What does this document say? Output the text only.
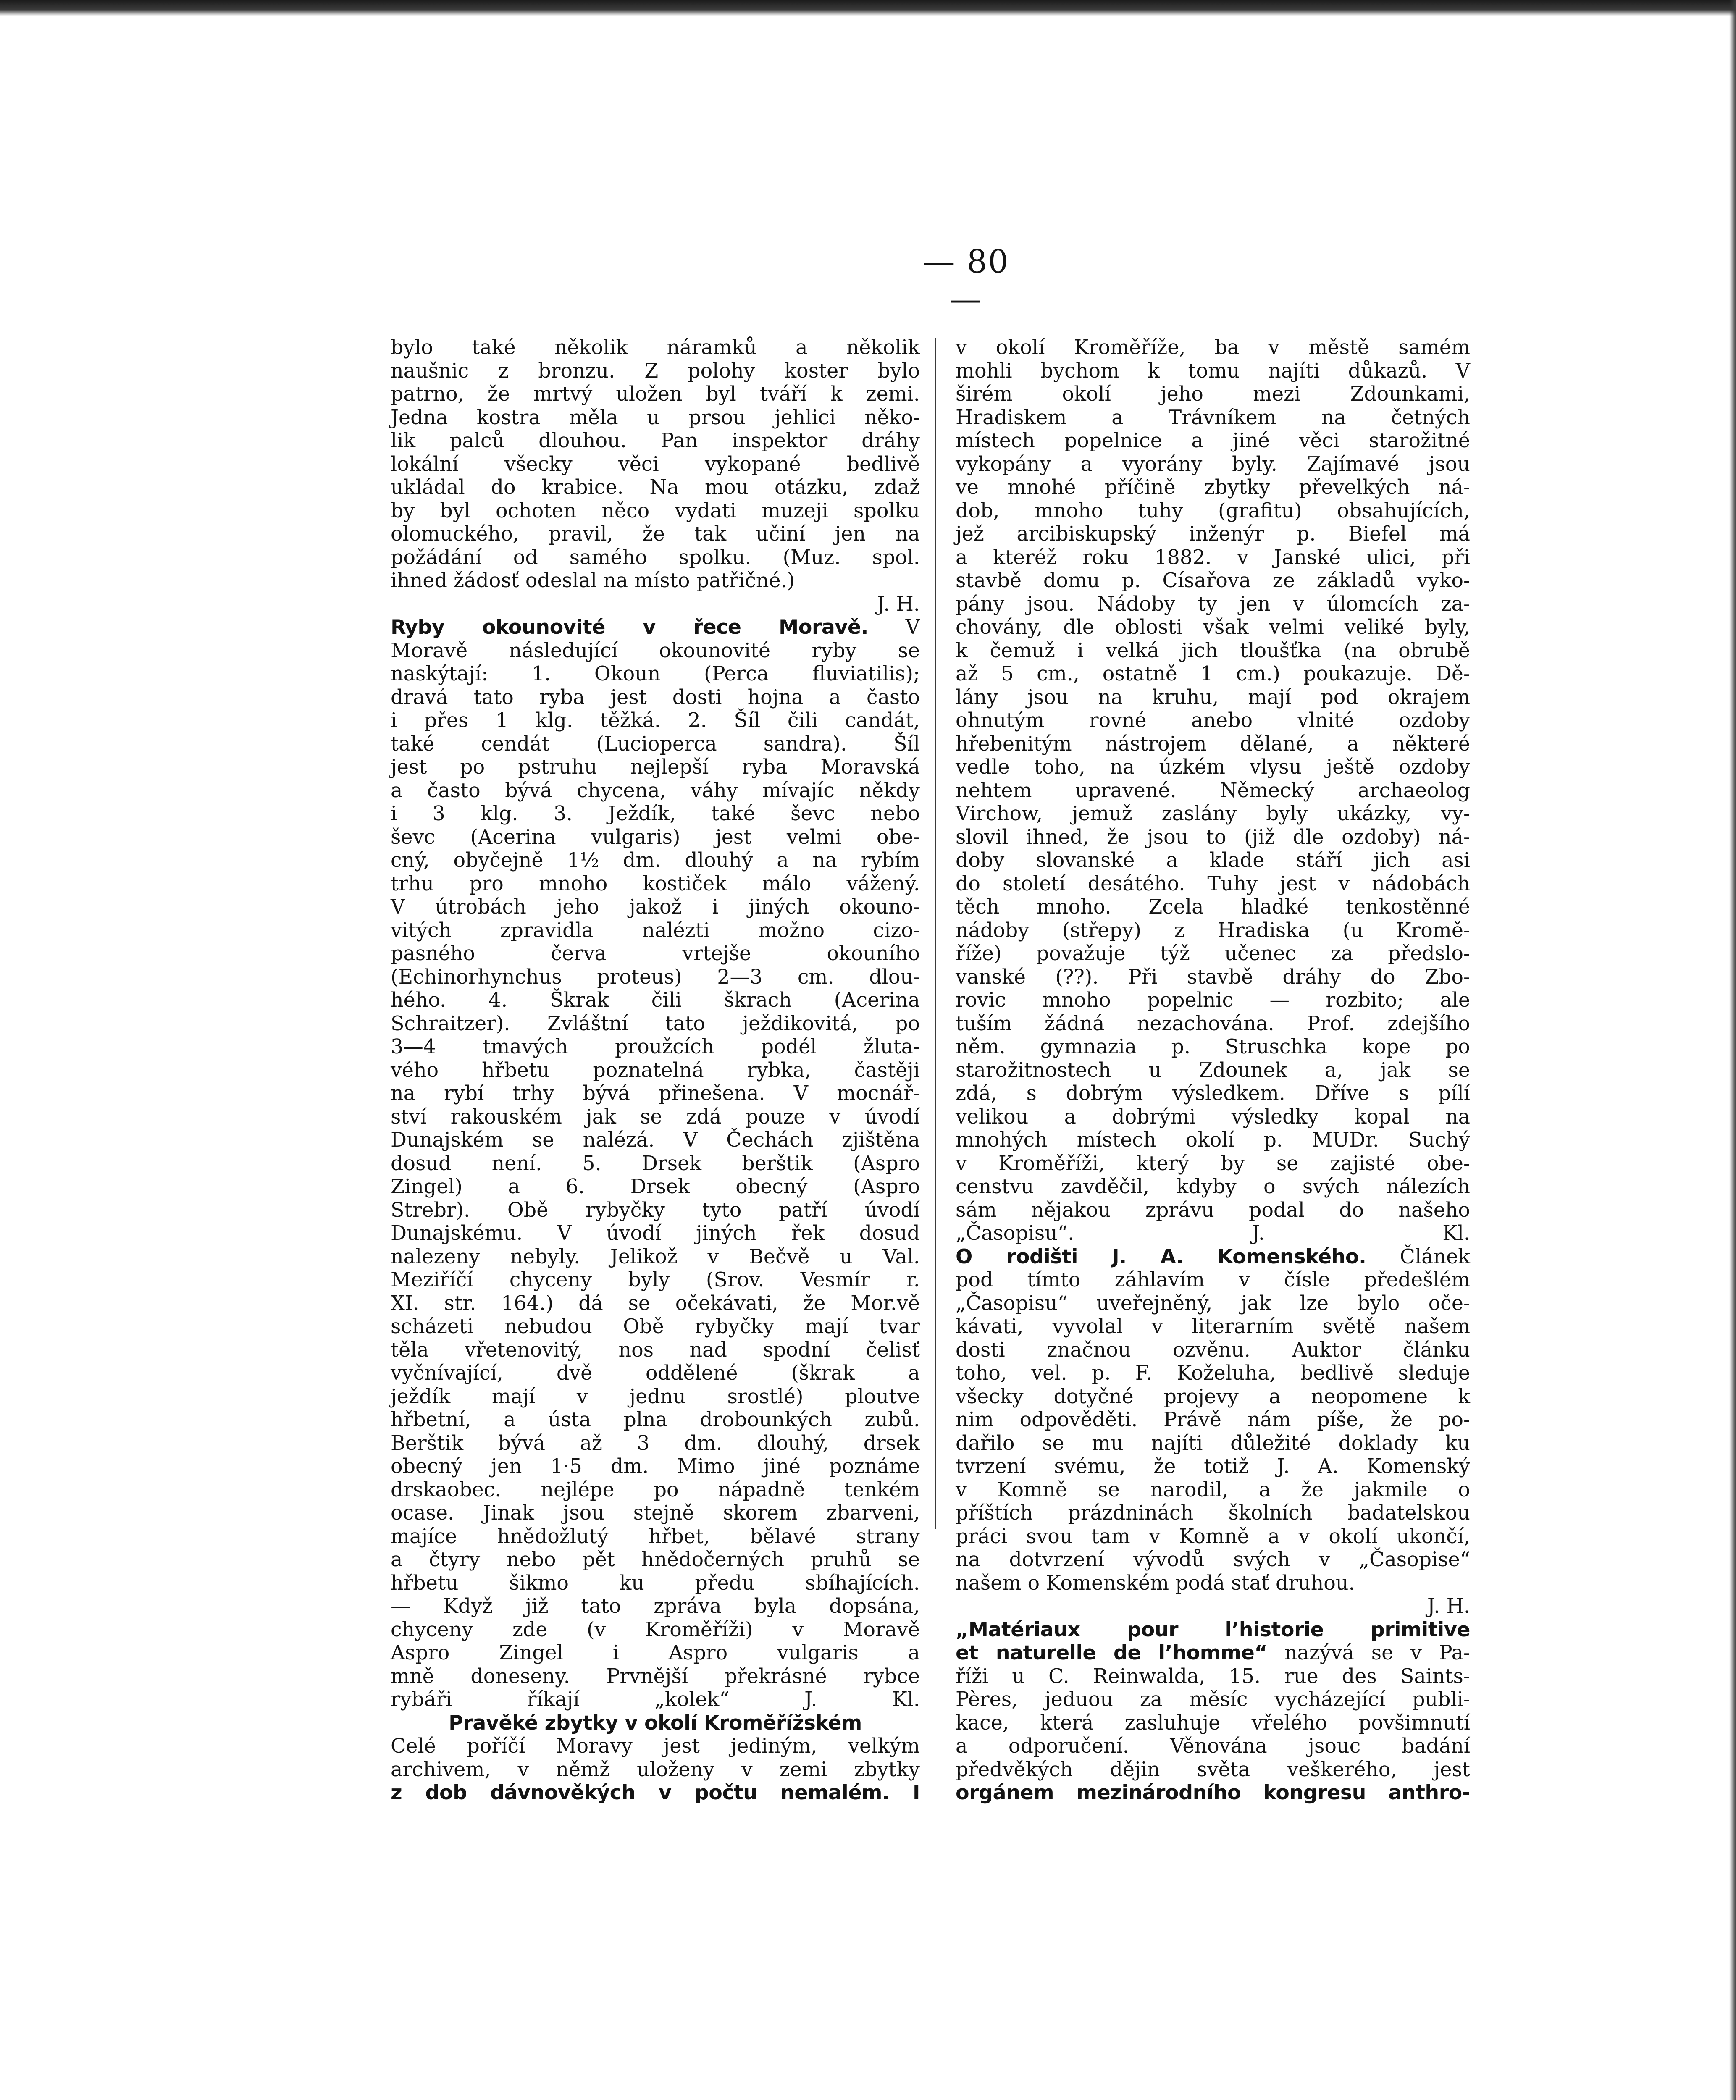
— 80 —
bylo také několik náramků a několik
naušnic z bronzu. Z polohy koster bylo
patrno, že mrtvý uložen byl tváří k zemi.
Jedna kostra měla u prsou jehlici něko-
lik palců dlouhou. Pan inspektor dráhy
lokální všecky věci vykopané bedlivě
ukládal do krabice. Na mou otázku, zdaž
by byl ochoten něco vydati muzeji spolku
olomuckého, pravil, že tak učiní jen na
požádání od samého spolku. (Muz. spol.
ihned žádosť odeslal na místo patřičné.)
J. H.
Ryby okounovité v řece Moravě. V
Moravě následující okounovité ryby se
naskýtají: 1. Okoun (Perca fluviatilis);
dravá tato ryba jest dosti hojna a často
i přes 1 klg. těžká. 2. Šíl čili candát,
také cendát (Lucioperca sandra). Šíl
jest po pstruhu nejlepší ryba Moravská
a často bývá chycena, váhy mívajíc někdy
i 3 klg. 3. Ježdík, také ševc nebo
ševc (Acerina vulgaris) jest velmi obe-
cný, obyčejně 1½ dm. dlouhý a na rybím
trhu pro mnoho kostiček málo vážený.
V útrobách jeho jakož i jiných okouno-
vitých zpravidla nalézti možno cizo-
pasného červa vrtejše okouního
(Echinorhynchus proteus) 2—3 cm. dlou-
hého. 4. Škrak čili škrach (Acerina
Schraitzer). Zvláštní tato ježdikovitá, po
3—4 tmavých proužcích podél žlutа-
vého hřbetu poznatelná rybka, častěji
na rybí trhy bývá přinešena. V mocnář-
ství rakouském jak se zdá pouze v úvodí
Dunajském se nalézá. V Čechách zjištěna
dosud není. 5. Drsek berštik (Aspro
Zingel) a 6. Drsek obecný (Aspro
Strebr). Obě rybyčky tyto patří úvodí
Dunajskému. V úvodí jiných řek dosud
nalezeny nebyly. Jelikož v Bečvě u Val.
Meziříčí chyceny byly (Srov. Vesmír r.
XI. str. 164.) dá se očekávati, že Mor.vě
scházeti nebudou Obě rybyčky mají tvar
těla vřetenovitý, nos nad spodní čelisť
vyčnívající, dvě oddělené (škrak a
ježdík mají v jednu srostlé) ploutve
hřbetní, a ústa plna drobounkých zubů.
Berštik bývá až 3 dm. dlouhý, drsek
obecný jen 1·5 dm. Mimo jiné poznáme
drskaobec. nejlépe po nápadně tenkém
ocase. Jinak jsou stejně skorem zbarveni,
majíce hnědožlutý hřbet, bělavé strany
a čtyry nebo pět hnědočerných pruhů se
hřbetu šikmo ku předu sbíhajících.
— Když již tato zpráva byla dopsána,
chyceny zde (v Kroměříži) v Moravě
Aspro Zingel i Aspro vulgaris a
mně doneseny. Prvnější překrásné rybce
rybáři říkají „kolek“ J. Kl.
Pravěké zbytky v okolí Kroměřížském
Celé poříčí Moravy jest jediným, velkým
archivem, v němž uloženy v zemi zbytky
z dob dávnověkých v počtu nemalém. I
v okolí Kroměříže, ba v městě samém
mohli bychom k tomu najíti důkazů. V
širém okolí jeho mezi Zdounkami,
Hradiskem a Trávníkem na četných
místech popelnice a jiné věci starožitné
vykopány a vyorány byly. Zajímavé jsou
ve mnohé příčině zbytky převelkých ná-
dob, mnoho tuhy (grafitu) obsahujících,
jež arcibiskupský inženýr p. Biefel má
a kteréž roku 1882. v Janské ulici, při
stavbě domu p. Císařova ze základů vyko-
pány jsou. Nádoby ty jen v úlomcích za-
chovány, dle oblosti však velmi veliké byly,
k čemuž i velká jich tloušťka (na obrubě
až 5 cm., ostatně 1 cm.) poukazuje. Dě-
lány jsou na kruhu, mají pod okrajem
ohnutým rovné anebo vlnité ozdoby
hřebenitým nástrojem dělané, a některé
vedle toho, na úzkém vlysu ještě ozdoby
nehtem upravené. Německý archaeolog
Virchow, jemuž zaslány byly ukázky, vy-
slovil ihned, že jsou to (již dle ozdoby) ná-
doby slovanské a klade stáří jich asi
do století desátého. Tuhy jest v nádobách
těch mnoho. Zcela hladké tenkostěnné
nádoby (střepy) z Hradiska (u Kromě-
říže) považuje týž učenec za předslo-
vanské (??). Při stavbě dráhy do Zbo-
rovic mnoho popelnic — rozbito; ale
tuším žádná nezachována. Prof. zdejšího
něm. gymnazia p. Struschka kope po
starožitnostech u Zdounek a, jak se
zdá, s dobrým výsledkem. Dříve s pílí
velikou a dobrými výsledky kopal na
mnohých místech okolí p. MUDr. Suchý
v Kroměříži, který by se zajisté obe-
censtvu zavděčil, kdyby o svých nálezích
sám nějakou zprávu podal do našeho
„Časopisu“. J. Kl.
O rodišti J. A. Komenského. Článek
pod tímto záhlavím v čísle předešlém
„Časopisu“ uveřejněný, jak lze bylo oče-
kávati, vyvolal v literarním světě našem
dosti značnou ozvěnu. Auktor článku
toho, vel. p. F. Koželuha, bedlivě sleduje
všecky dotyčné projevy a neopomene k
nim odpověděti. Právě nám píše, že po-
dařilo se mu najíti důležité doklady ku
tvrzení svému, že totiž J. A. Komenský
v Komně se narodil, a že jakmile o
příštích prázdninách školních badatelskou
práci svou tam v Komně a v okolí ukončí,
na dotvrzení vývodů svých v „Časopise“
našem o Komenském podá stať druhou.
J. H.
„Matériaux pour l’historie primitive
et naturelle de l’homme“ nazývá se v Pa-
říži u C. Reinwalda, 15. rue des Saints-
Pères, jeduou za měsíc vycházející publi-
kace, která zasluhuje vřelého povšimnutí
a odporučení. Věnována jsouc badání
předvěkých dějin světa veškerého, jest
orgánem mezinárodního kongresu anthro-
